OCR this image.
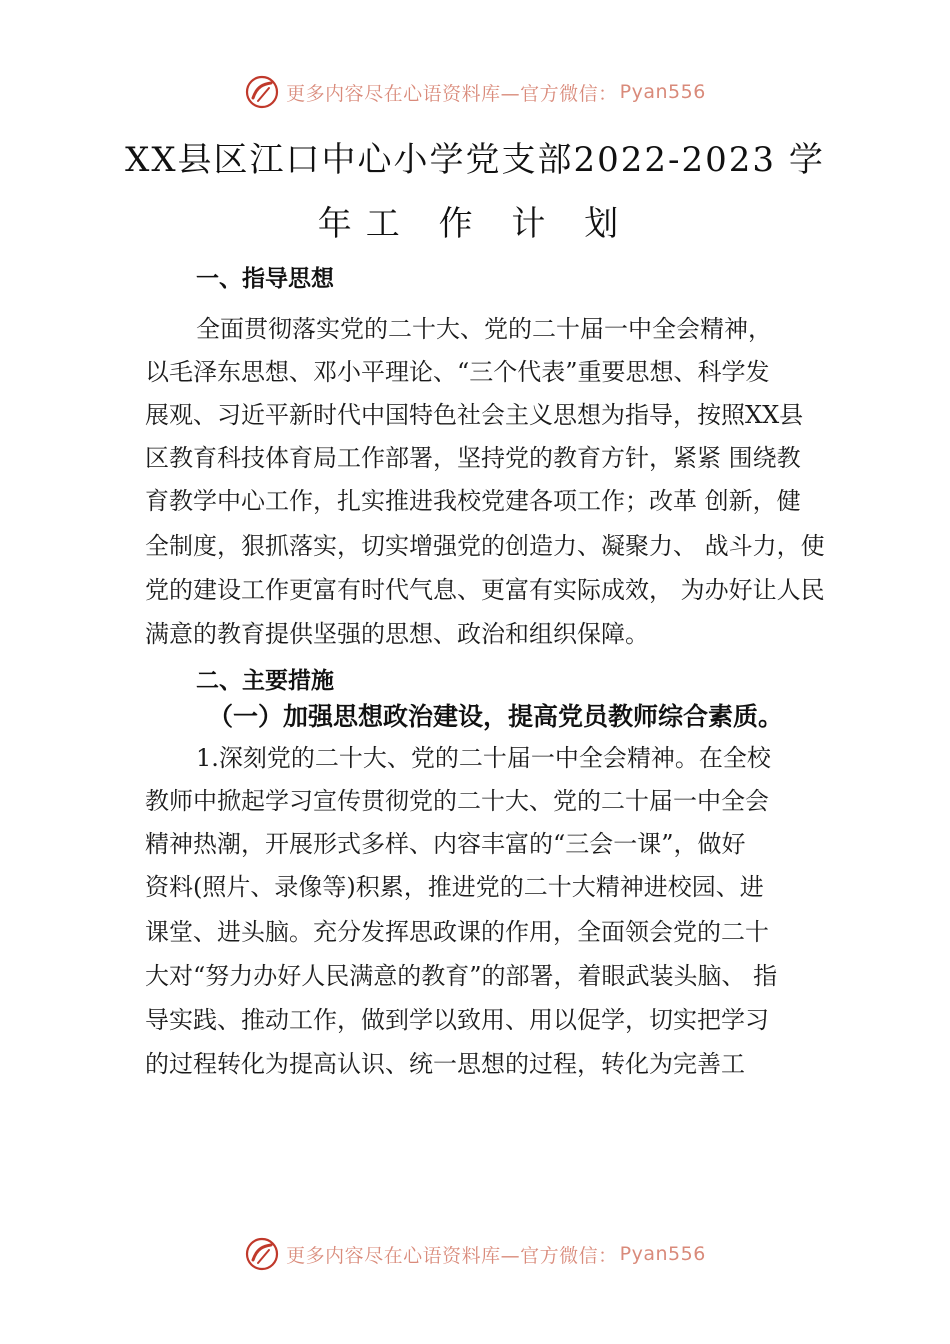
更多内容尽在心语资料库—官方微信： Pyan556
XX县区江口中心小学党支部2022-2023 学
年工 作 计 划
一、指导思想
全面贯彻落实党的二十大、党的二十届一中全会精神，
以毛泽东思想、邓小平理论、“三个代表”重要思想、科学发
展观、习近平新时代中国特色社会主义思想为指导，按照XX县
区教育科技体育局工作部署，坚持党的教育方针，紧紧 围绕教
育教学中心工作，扎实推进我校党建各项工作；改革 创新，健
全制度，狠抓落实，切实增强党的创造力、凝聚力、 战斗力，使
党的建设工作更富有时代气息、更富有实际成效， 为办好让人民
满意的教育提供坚强的思想、政治和组织保障。
二、主要措施
（一）加强思想政治建设，提高党员教师综合素质。
1.深刻党的二十大、党的二十届一中全会精神。在全校
教师中掀起学习宣传贯彻党的二十大、党的二十届一中全会
精神热潮，开展形式多样、内容丰富的“三会一课”，做好
资料(照片、录像等)积累，推进党的二十大精神进校园、进
课堂、进头脑。充分发挥思政课的作用，全面领会党的二十
大对“努力办好人民满意的教育”的部署，着眼武装头脑、 指
导实践、推动工作，做到学以致用、用以促学，切实把学习
的过程转化为提高认识、统一思想的过程，转化为完善工
更多内容尽在心语资料库—官方微信： Pyan556
